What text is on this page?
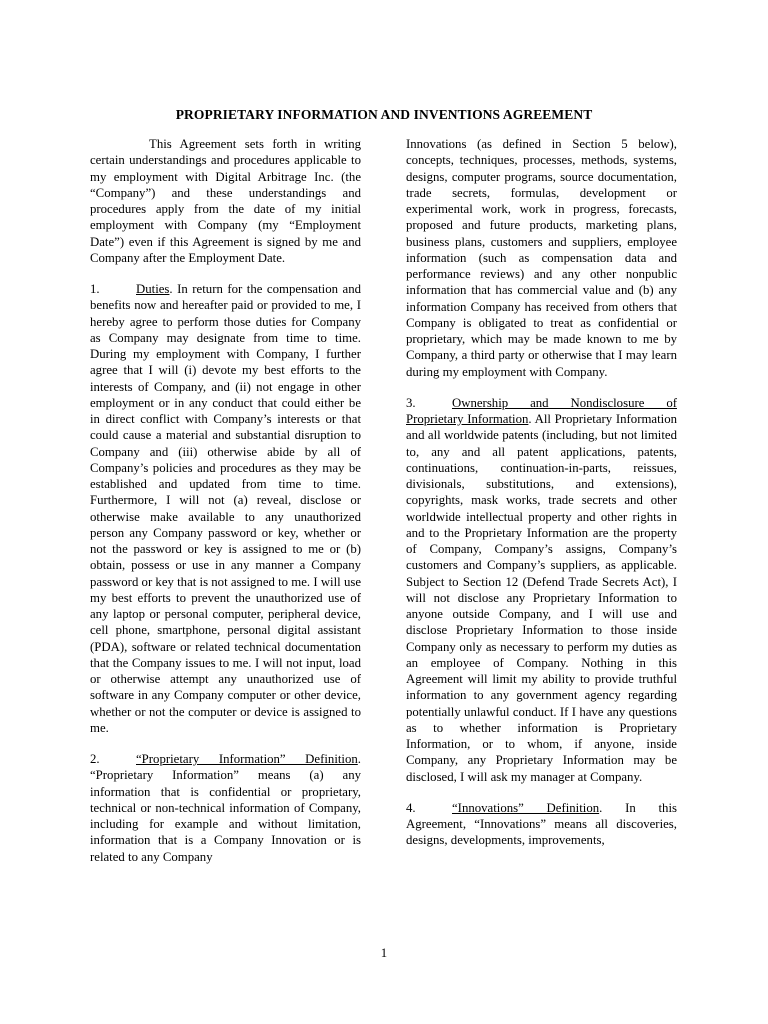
PROPRIETARY INFORMATION AND INVENTIONS AGREEMENT

This Agreement sets forth in writing certain understandings and procedures applicable to my employment with Digital Arbitrage Inc. (the “Company”) and these understandings and procedures apply from the date of my initial employment with Company (my “Employment Date”) even if this Agreement is signed by me and Company after the Employment Date.

1.	Duties. In return for the compensation and benefits now and hereafter paid or provided to me, I hereby agree to perform those duties for Company as Company may designate from time to time. During my employment with Company, I further agree that I will (i) devote my best efforts to the interests of Company, and (ii) not engage in other employment or in any conduct that could either be in direct conflict with Company’s interests or that could cause a material and substantial disruption to Company and (iii) otherwise abide by all of Company’s policies and procedures as they may be established and updated from time to time. Furthermore, I will not (a) reveal, disclose or otherwise make available to any unauthorized person any Company password or key, whether or not the password or key is assigned to me or (b) obtain, possess or use in any manner a Company password or key that is not assigned to me. I will use my best efforts to prevent the unauthorized use of any laptop or personal computer, peripheral device, cell phone, smartphone, personal digital assistant (PDA), software or related technical documentation that the Company issues to me. I will not input, load or otherwise attempt any unauthorized use of software in any Company computer or other device, whether or not the computer or device is assigned to me.

2.	“Proprietary Information” Definition. “Proprietary Information” means (a) any information that is confidential or proprietary, technical or non-technical information of Company, including for example and without limitation, information that is a Company Innovation or is related to any Company

Innovations (as defined in Section 5 below), concepts, techniques, processes, methods, systems, designs, computer programs, source documentation, trade secrets, formulas, development or experimental work, work in progress, forecasts, proposed and future products, marketing plans, business plans, customers and suppliers, employee information (such as compensation data and performance reviews) and any other nonpublic information that has commercial value and (b) any information Company has received from others that Company is obligated to treat as confidential or proprietary, which may be made known to me by Company, a third party or otherwise that I may learn during my employment with Company.

3.	Ownership and Nondisclosure of Proprietary Information. All Proprietary Information and all worldwide patents (including, but not limited to, any and all patent applications, patents, continuations, continuation-in-parts, reissues, divisionals, substitutions, and extensions), copyrights, mask works, trade secrets and other worldwide intellectual property and other rights in and to the Proprietary Information are the property of Company, Company’s assigns, Company’s customers and Company’s suppliers, as applicable. Subject to Section 12 (Defend Trade Secrets Act), I will not disclose any Proprietary Information to anyone outside Company, and I will use and disclose Proprietary Information to those inside Company only as necessary to perform my duties as an employee of Company. Nothing in this Agreement will limit my ability to provide truthful information to any government agency regarding potentially unlawful conduct. If I have any questions as to whether information is Proprietary Information, or to whom, if anyone, inside Company, any Proprietary Information may be disclosed, I will ask my manager at Company.

4.	“Innovations” Definition. In this Agreement, “Innovations” means all discoveries, designs, developments, improvements,

1
